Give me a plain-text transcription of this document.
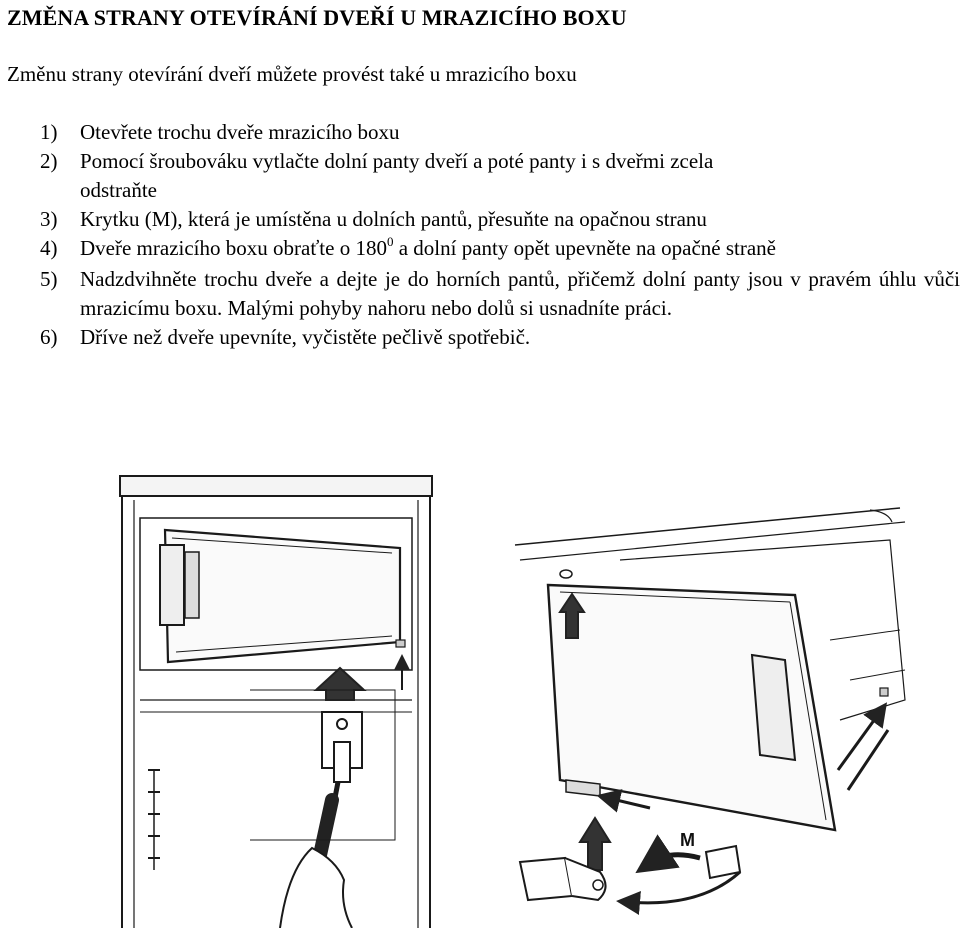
ZMĚNA STRANY OTEVÍRÁNÍ DVEŘÍ U MRAZICÍHO BOXU

Změnu strany otevírání dveří můžete provést také u mrazicího boxu

1)	Otevřete trochu dveře mrazicího boxu
2)	Pomocí šroubováku vytlačte dolní panty dveří a poté panty i s dveřmi zcela odstraňte
3)	Krytku (M), která je umístěna u dolních pantů, přesuňte na opačnou stranu
4)	Dveře mrazicího boxu obraťte o $180^0$ a dolní panty opět upevněte na opačné straně
5)	Nadzdvihněte trochu dveře a dejte je do horních pantů, přičemž dolní panty jsou v pravém úhlu vůči mrazicímu boxu. Malými pohyby nahoru nebo dolů si usnadníte práci.
6)	Dříve než dveře upevníte, vyčistěte pečlivě spotřebič.
M
